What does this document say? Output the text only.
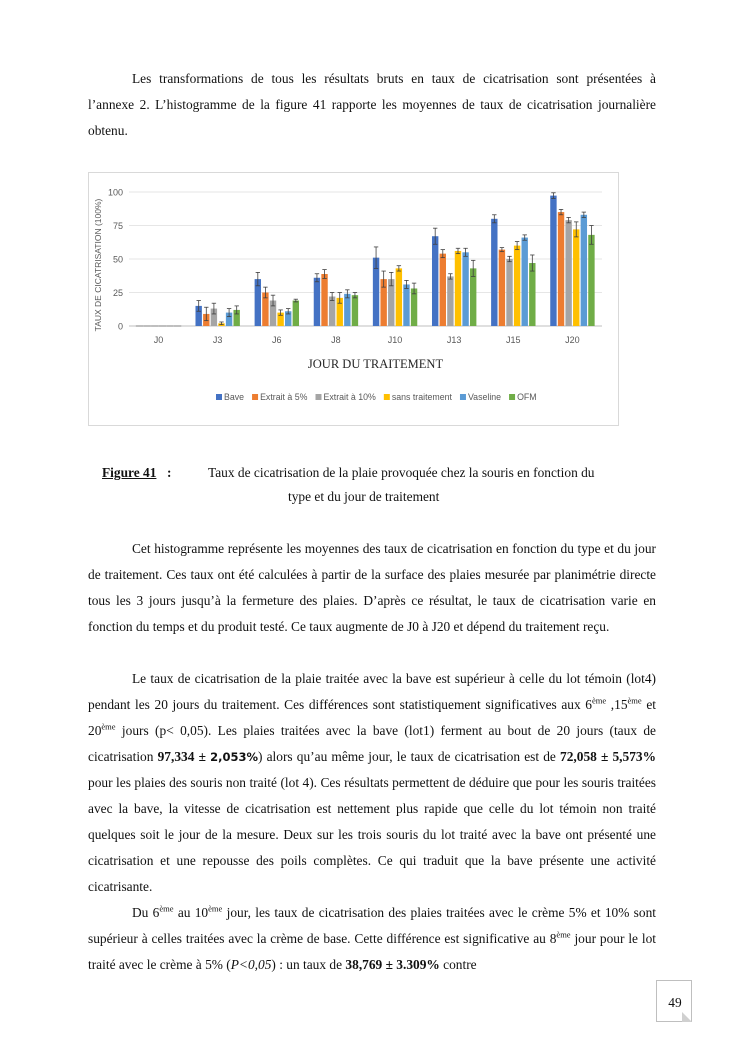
Les transformations de tous les résultats bruts en taux de cicatrisation sont présentées à
l’annexe 2. L’histogramme de la figure 41 rapporte les moyennes de taux de cicatrisation journalière obtenu.

0
25
50
75
100
TAUX DE CICATRISATION (100%)
J0	J3	J6	J8	J10	J13	J15	J20
JOUR DU TRAITEMENT
Bave Extrait à 5% Extrait à 10% sans traitement Vaseline OFM
Figure 41 :	Taux de cicatrisation de la plaie provoquée chez la souris en fonction du
type et du jour de traitement

Cet histogramme représente les moyennes des taux de cicatrisation en fonction du type et du jour de traitement. Ces taux ont été calculées à partir de la surface des plaies mesurée par planimétrie directe tous les 3 jours jusqu’à la fermeture des plaies. D’après ce résultat, le taux de cicatrisation varie en fonction du temps et du produit testé. Ce taux augmente de J0 à J20 et dépend du traitement reçu.

Le taux de cicatrisation de la plaie traitée avec la bave est supérieur à celle du lot témoin (lot4) pendant les 20 jours du traitement. Ces différences sont statistiquement significatives aux 6ème ,15ème et 20ème jours (p< 0,05). Les plaies traitées avec la bave (lot1) ferment au bout de 20 jours (taux de cicatrisation 97,334 ± 2,053%) alors qu’au même jour, le taux de cicatrisation est de 72,058 ± 5,573% pour les plaies des souris non traité (lot 4). Ces résultats permettent de déduire que pour les souris traitées avec la bave, la vitesse de cicatrisation est nettement plus rapide que celle du lot témoin non traité quelques soit le jour de la mesure. Deux sur les trois souris du lot traité avec la bave ont présenté une cicatrisation et une repousse des poils complètes. Ce qui traduit que la bave présente une activité cicatrisante.

Du 6ème au 10ème jour, les taux de cicatrisation des plaies traitées avec le crème 5% et 10% sont supérieur à celles traitées avec la crème de base. Cette différence est significative au 8ème jour pour le lot traité avec le crème à 5% (P<0,05) : un taux de 38,769 ± 3.309% contre

49
